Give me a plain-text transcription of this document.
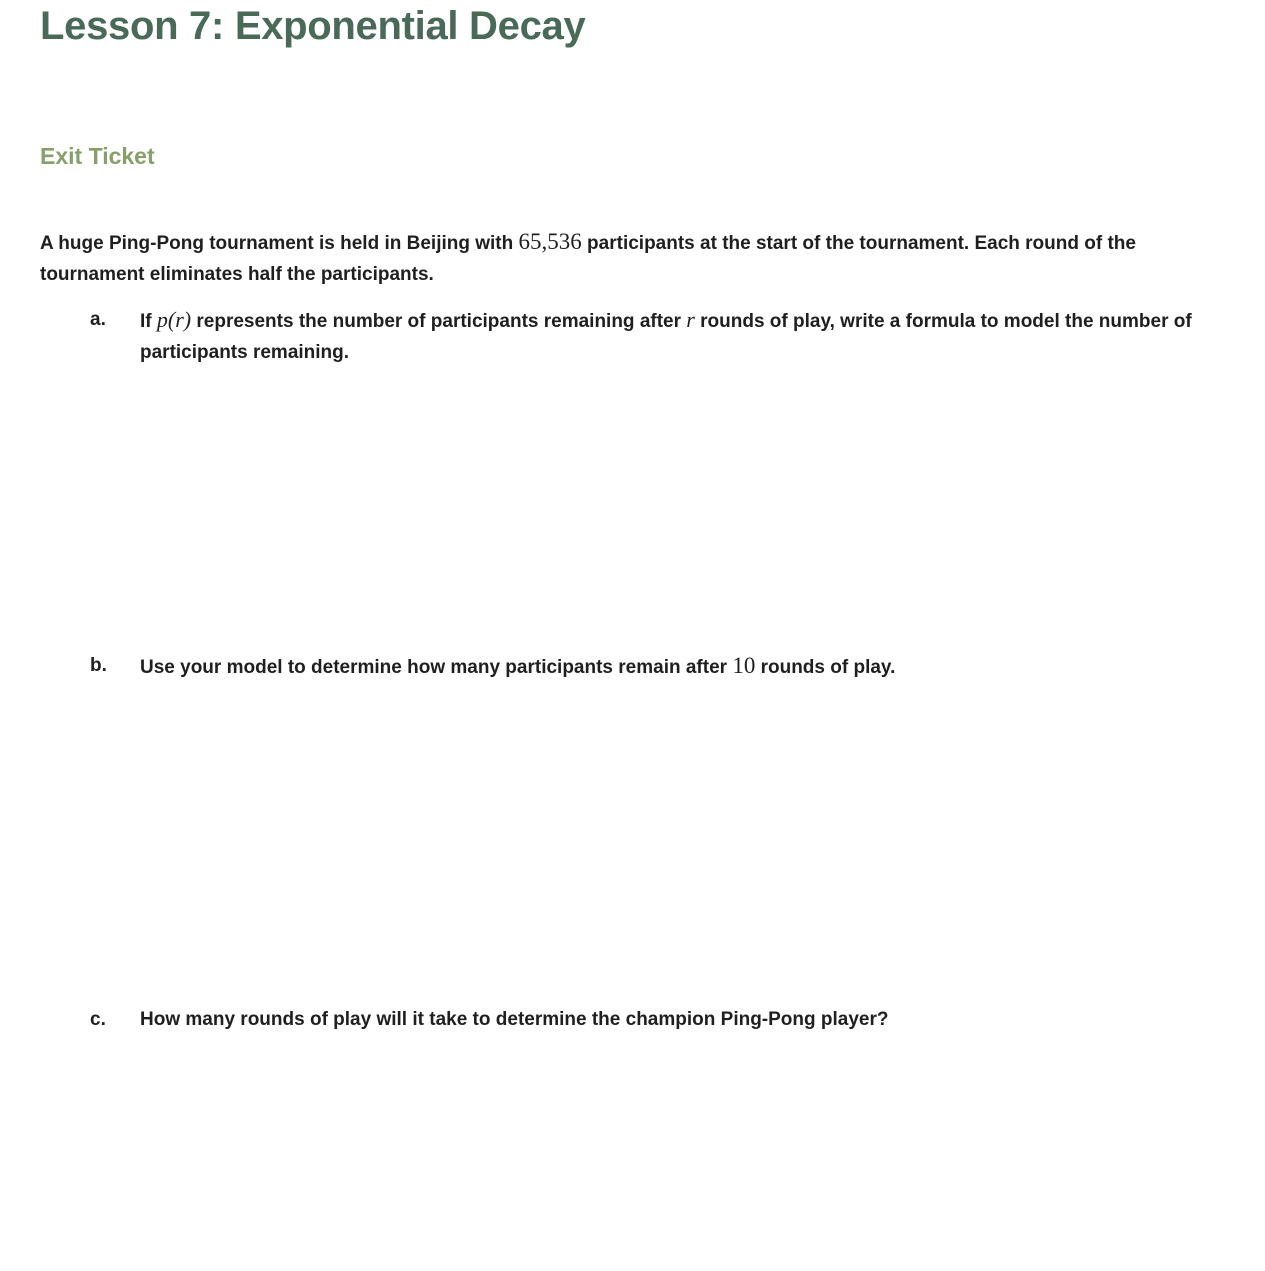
Lesson 7: Exponential Decay
Exit Ticket

A huge Ping-Pong tournament is held in Beijing with 65,536 participants at the start of the tournament. Each round of the tournament eliminates half the participants.

a.	If p(r) represents the number of participants remaining after r rounds of play, write a formula to model the number of participants remaining.
b.	Use your model to determine how many participants remain after 10 rounds of play.
c.	How many rounds of play will it take to determine the champion Ping-Pong player?
